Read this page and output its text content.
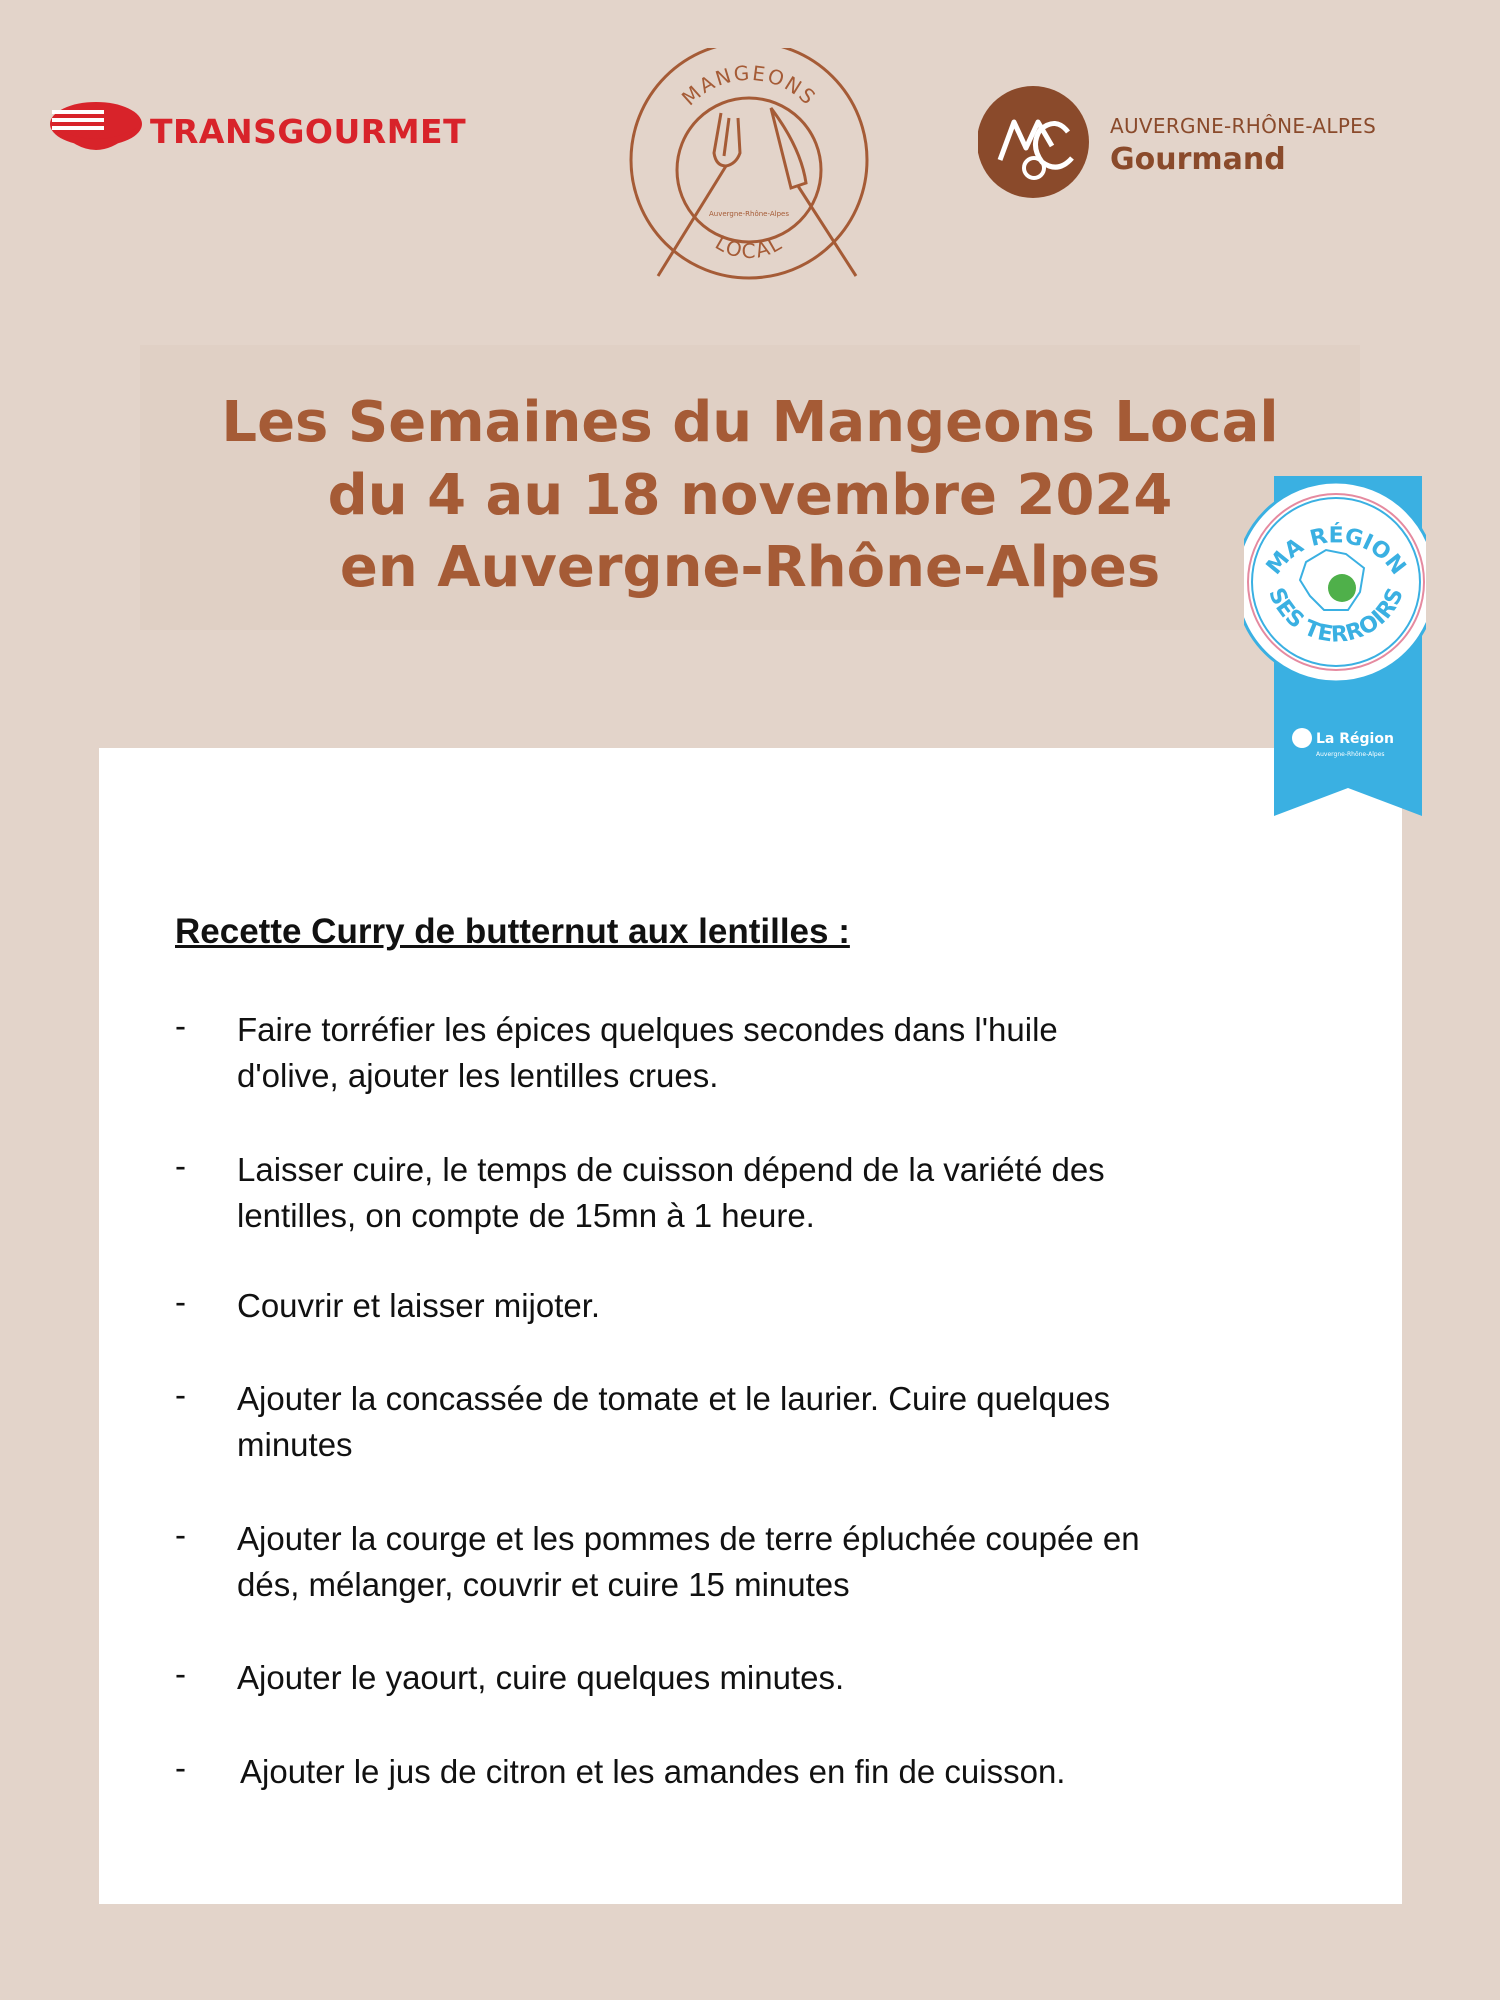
TRANSGOURMET
MANGEONS
LOCAL
Auvergne-Rhône-Alpes
AUVERGNE-RHÔNE-ALPES
Gourmand
Les Semaines du Mangeons Local
du 4 au 18 novembre 2024
en Auvergne-Rhône-Alpes	MA RÉGION
SES TERROIRS
La Région
Auvergne-Rhône-Alpes
Recette Curry de butternut aux lentilles :
- Faire torréfier les épices quelques secondes dans l'huile
d'olive, ajouter les lentilles crues.
- Laisser cuire, le temps de cuisson dépend de la variété des
lentilles, on compte de 15mn à 1 heure.
- Couvrir et laisser mijoter.
- Ajouter la concassée de tomate et le laurier. Cuire quelques
minutes
- Ajouter la courge et les pommes de terre épluchée coupée en
dés, mélanger, couvrir et cuire 15 minutes
- Ajouter le yaourt, cuire quelques minutes.
- Ajouter le jus de citron et les amandes en fin de cuisson.
